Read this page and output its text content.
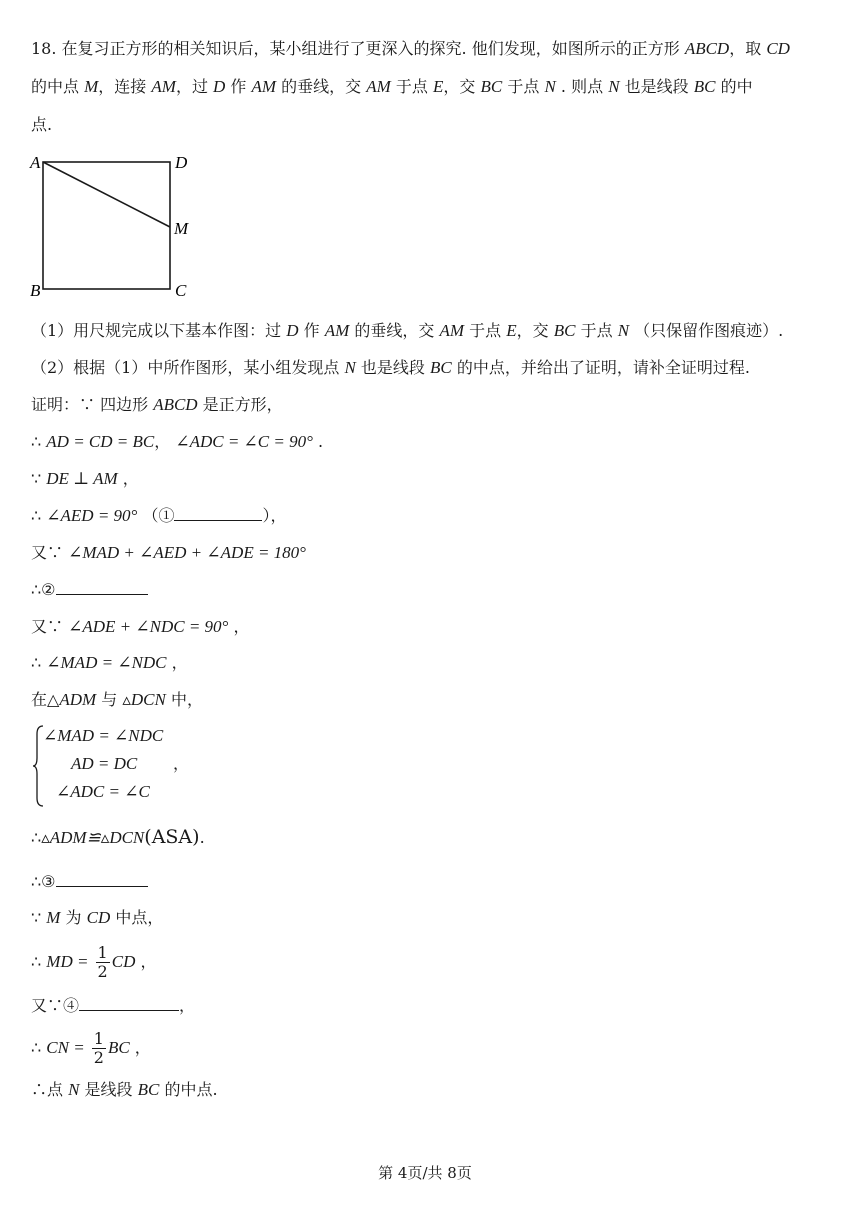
18. 在复习正方形的相关知识后，某小组进行了更深入的探究. 他们发现，如图所示的正方形 ABCD，取 CD
的中点 M，连接 AM，过 D 作 AM 的垂线，交 AM 于点 E，交 BC 于点 N . 则点 N 也是线段 BC 的中
点.
A
B	C
D
M
（1）用尺规完成以下基本作图：过 D 作 AM 的垂线，交 AM 于点 E，交 BC 于点 N （只保留作图痕迹）.
（2）根据（1）中所作图形，某小组发现点 N 也是线段 BC 的中点，并给出了证明，请补全证明过程.
证明：∵ 四边形 ABCD 是正方形，
∴ AD = CD = BC， ∠ADC = ∠C = 90° .
∵ DE ⊥ AM ，
∴ ∠AED = 90° （①	），
又∵ ∠MAD + ∠AED + ∠ADE = 180°
∴②
又∵ ∠ADE + ∠NDC = 90° ，
∴ ∠MAD = ∠NDC ，
在△ADM 与 ▵DCN 中，
∠MAD = ∠NDC
AD = DC ，
∠ADC = ∠C
∴▵ADM≌▵DCN(ASA).
∴③
∵ M 为 CD 中点，
∴ MD = $\frac{1}{2}$ CD ，
又∵④	，
∴ CN = $\frac{1}{2}$ BC ，
∴点 N 是线段 BC 的中点.
第 4页/共 8页
